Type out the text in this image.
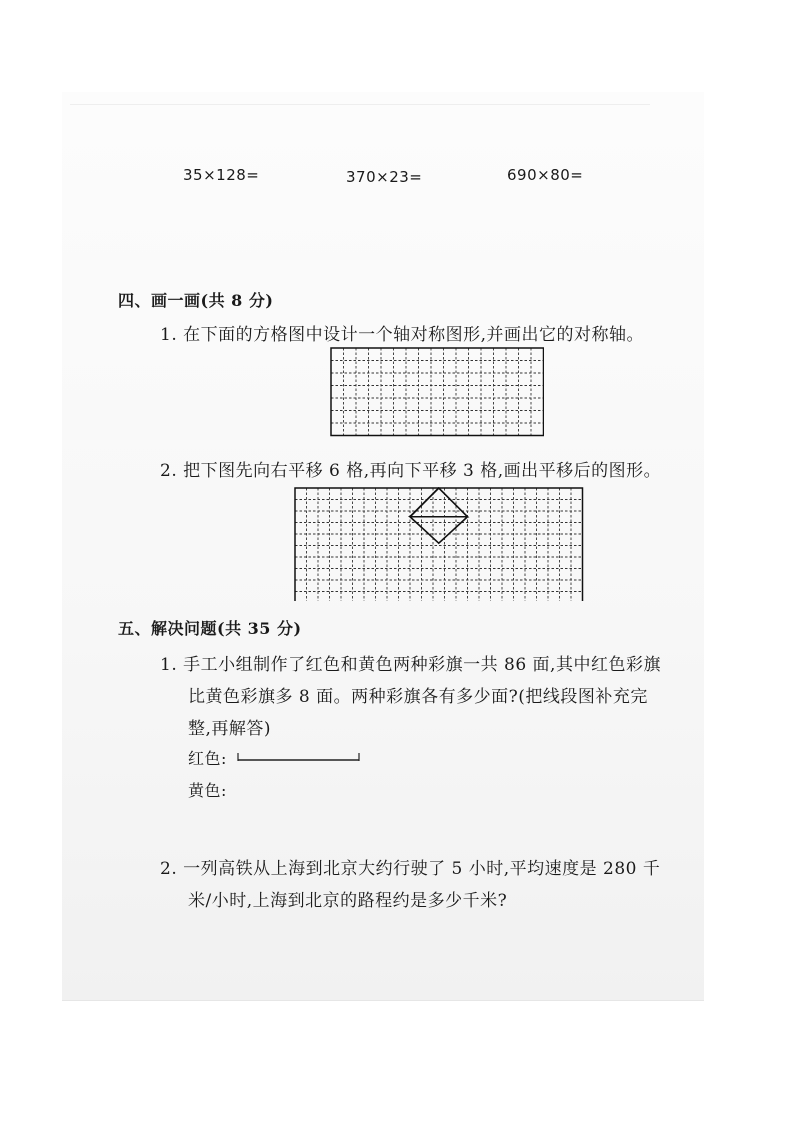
35×128=	370×23=	690×80=
四、画一画(共 8 分)
1. 在下面的方格图中设计一个轴对称图形,并画出它的对称轴。
2. 把下图先向右平移 6 格,再向下平移 3 格,画出平移后的图形。
五、解决问题(共 35 分)
1. 手工小组制作了红色和黄色两种彩旗一共 86 面,其中红色彩旗
比黄色彩旗多 8 面。两种彩旗各有多少面?(把线段图补充完
整,再解答)
红色:
黄色:
2. 一列高铁从上海到北京大约行驶了 5 小时,平均速度是 280 千
米/小时,上海到北京的路程约是多少千米?
